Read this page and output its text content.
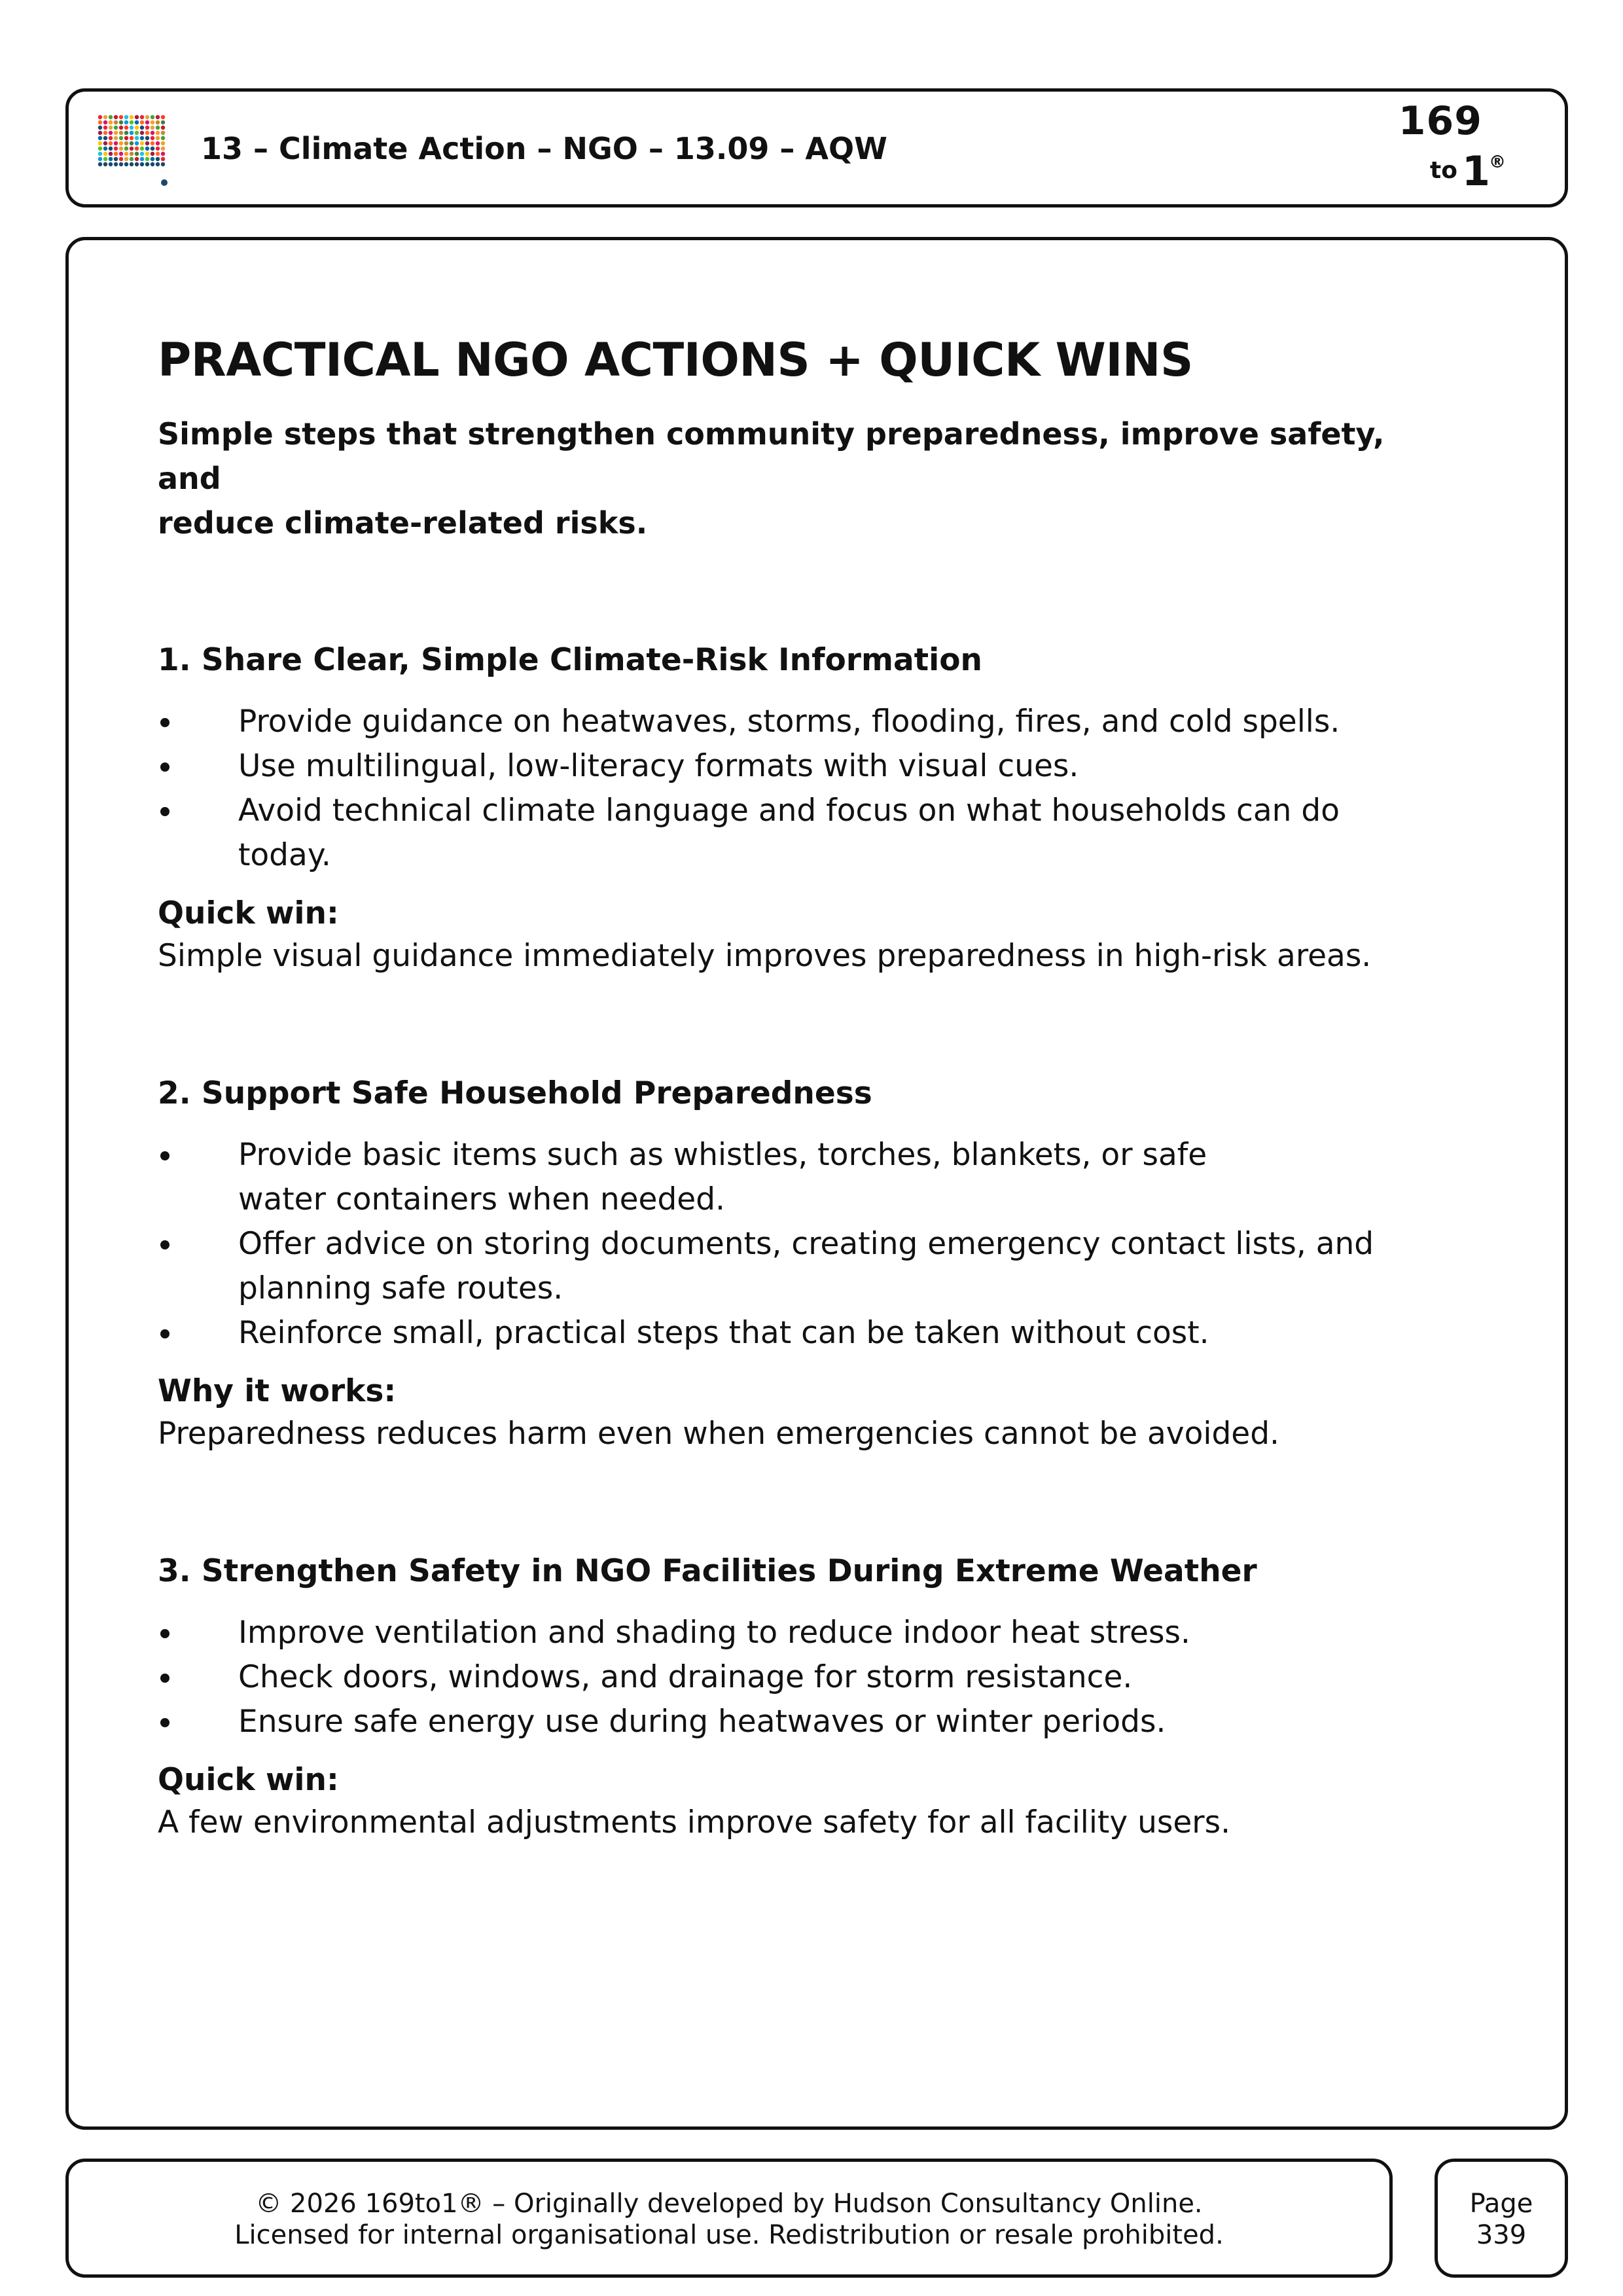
13 – Climate Action – NGO – 13.09 – AQW
169
to 1
®
PRACTICAL NGO ACTIONS + QUICK WINS

Simple steps that strengthen community preparedness, improve safety, and
reduce climate-related risks.

1. Share Clear, Simple Climate-Risk Information
Provide guidance on heatwaves, storms, flooding, fires, and cold spells.
Use multilingual, low-literacy formats with visual cues.
Avoid technical climate language and focus on what households can do today.

Quick win:

Simple visual guidance immediately improves preparedness in high-risk areas.

2. Support Safe Household Preparedness
Provide basic items such as whistles, torches, blankets, or safe water containers when needed.
Offer advice on storing documents, creating emergency contact lists, and planning safe routes.
Reinforce small, practical steps that can be taken without cost.

Why it works:

Preparedness reduces harm even when emergencies cannot be avoided.

3. Strengthen Safety in NGO Facilities During Extreme Weather
Improve ventilation and shading to reduce indoor heat stress.
Check doors, windows, and drainage for storm resistance.
Ensure safe energy use during heatwaves or winter periods.

Quick win:

A few environmental adjustments improve safety for all facility users.

© 2026 169to1® – Originally developed by Hudson Consultancy Online.
Licensed for internal organisational use. Redistribution or resale prohibited.
Page
339
